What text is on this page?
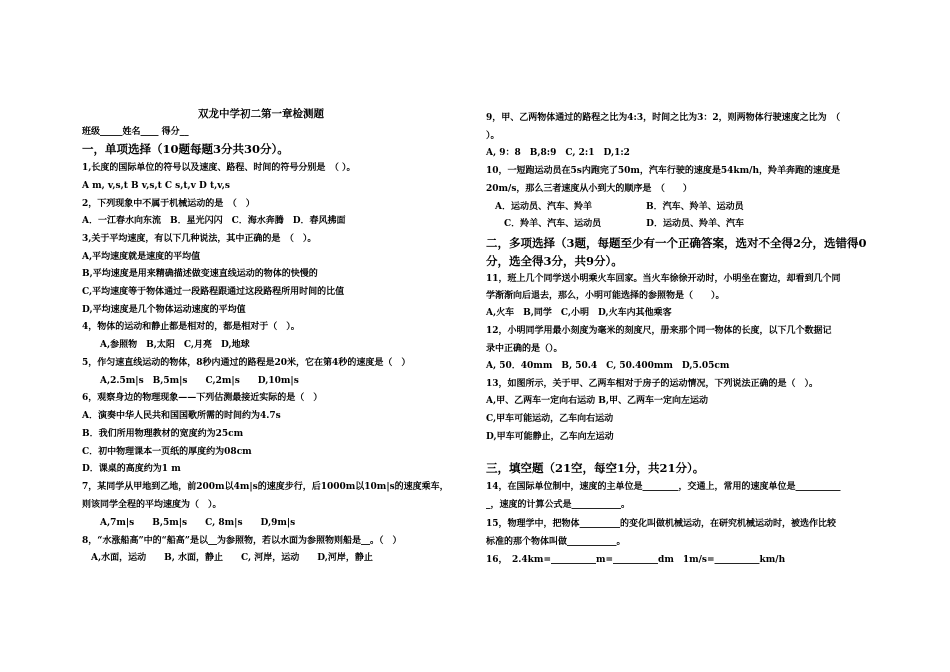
双龙中学初二第一章检测题
班级_____姓名____ 得分__
一，单项选择（10题每题3分共30分）。
1,长度的国际单位的符号以及速度、路程、时间的符号分别是　（ ）。
A m, v,s,t B v,s,t C s,t,v D t,v,s
2，下列现象中不属于机械运动的是　（　）
A．一江春水向东流　B．星光闪闪　C．海水奔腾　D．春风拂面
3,关于平均速度，有以下几种说法，其中正确的是　（　）。
A,平均速度就是速度的平均值
B,平均速度是用来精确描述做变速直线运动的物体的快慢的
C,平均速度等于物体通过一段路程跟通过这段路程所用时间的比值
D,平均速度是几个物体运动速度的平均值
4，物体的运动和静止都是相对的，都是相对于（　）。
　　A,参照物　B,太阳　C,月亮　D,地球
5，作匀速直线运动的物体，8秒内通过的路程是20米，它在第4秒的速度是（　）
　　A,2.5m|s　B,5m|s　　C,2m|s　　D,10m|s
6，观察身边的物理现象——下列估测最接近实际的是（　）
A．演奏中华人民共和国国歌所需的时间约为4.7s
B．我们所用物理教材的宽度约为25cm
C．初中物理课本一页纸的厚度约为08cm
D．课桌的高度约为1 m
7，某同学从甲地到乙地，前200m以4m|s的速度步行，后1000m以10m|s的速度乘车，
则该同学全程的平均速度为（　）。
　　A,7m|s　　B,5m|s　　C, 8m|s　　D,9m|s
8，“水涨船高”中的“船高”是以__为参照物，若以水面为参照物则船是__。（　）
　A,水面，运动　　B, 水面，静止　　C, 河岸，运动　　D,河岸，静止
9，甲、乙两物体通过的路程之比为4:3，时间之比为3：2，则两物体行驶速度之比为　（
）。
A, 9：8　B,8:9　C, 2:1　D,1:2
10，一短跑运动员在5s内跑完了50m，汽车行驶的速度是54km/h，羚羊奔跑的速度是
20m/s，那么三者速度从小到大的顺序是　（　　）
　A．运动员、汽车、羚羊　　　　　　B．汽车、羚羊、运动员
　　C．羚羊、汽车、运动员　　　　　D．运动员、羚羊、汽车
二，多项选择（3题，每题至少有一个正确答案，选对不全得2分，选错得0
分，选全得3分，共9分）。
11，班上几个同学送小明乘火车回家。当火车徐徐开动时，小明坐在窗边，却看到几个同
学渐渐向后退去，那么，小明可能选择的参照物是（　　）。
A,火车　B,同学　C,小明　D,火车内其他乘客
12，小明同学用最小刻度为毫米的刻度尺，册来那个同一物体的长度，以下几个数据记
录中正确的是（）。
A, 50．40mm　B, 50.4　C, 50.400mm　D,5.05cm
13，如图所示，关于甲、乙两车相对于房子的运动情况，下列说法正确的是（　）。
A,甲、乙两车一定向右运动 B,甲、乙两车一定向左运动
C,甲车可能运动，乙车向右运动
D,甲车可能静止，乙车向左运动
三，填空题（21空，每空1分，共21分）。
14，在国际单位制中，速度的主单位是________，交通上，常用的速度单位是__________
_，速度的计算公式是___________。
15，物理学中，把物体_________的变化叫做机械运动，在研究机械运动时，被选作比较
标准的那个物体叫做___________。
16，　2.4km=__________m=__________dm　1m/s=__________km/h
